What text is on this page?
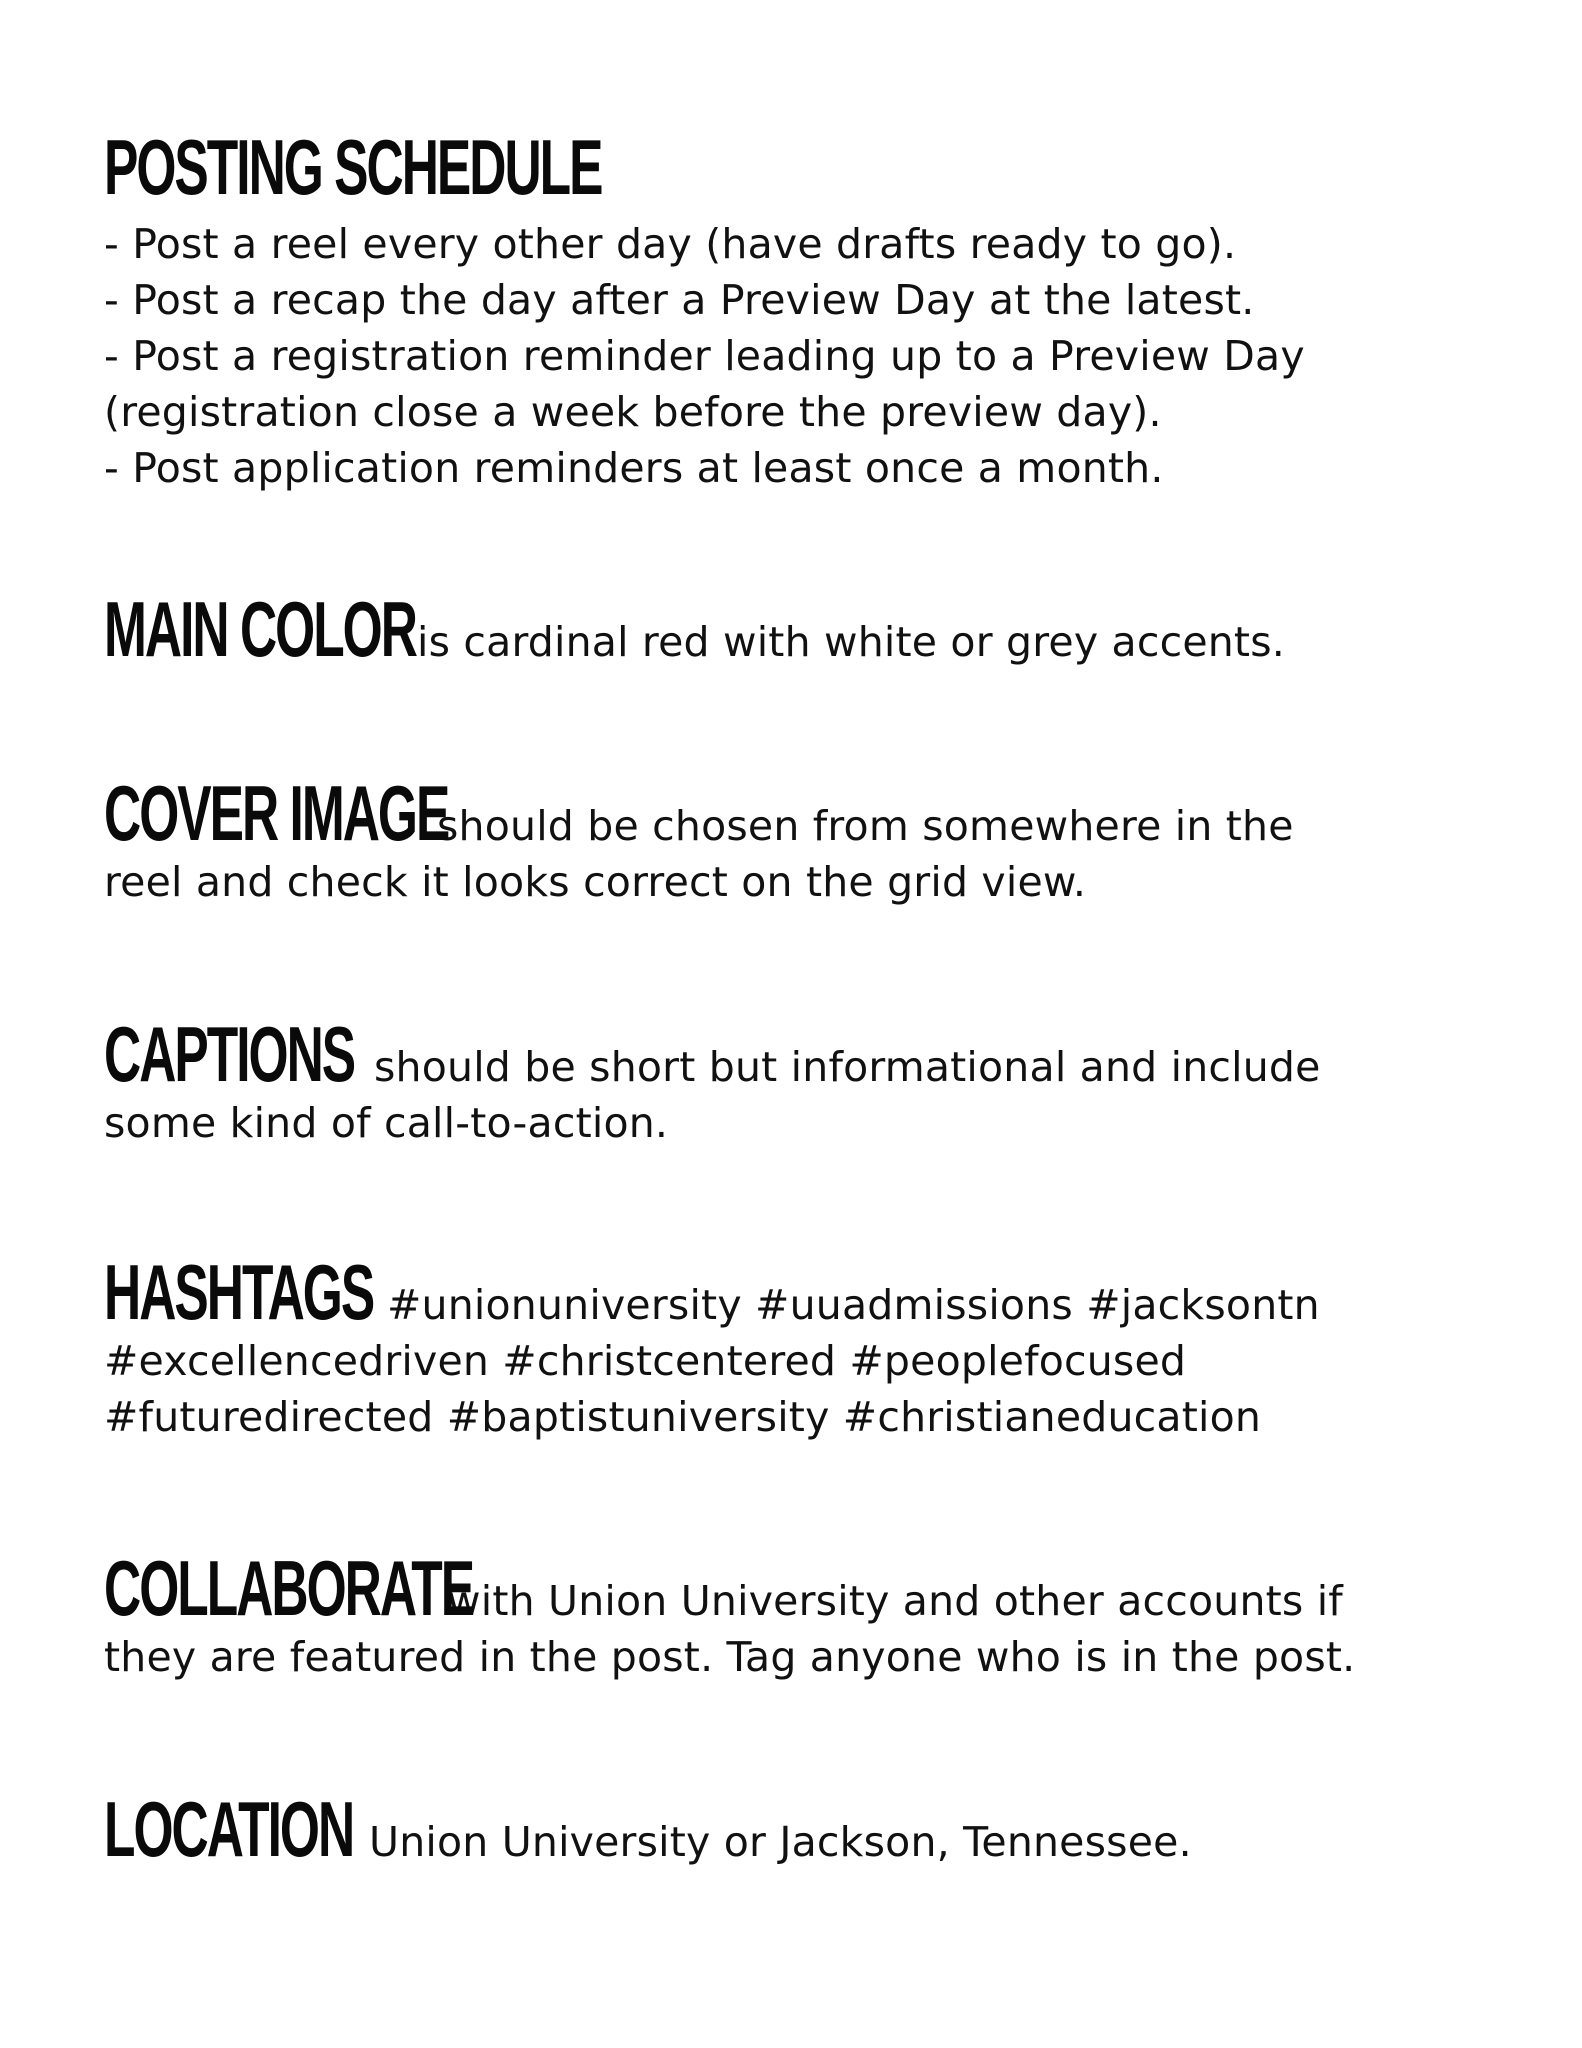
POSTING SCHEDULE
- Post a reel every other day (have drafts ready to go).
- Post a recap the day after a Preview Day at the latest.
- Post a registration reminder leading up to a Preview Day
(registration close a week before the preview day).
- Post application reminders at least once a month.
MAIN COLOR is cardinal red with white or grey accents.
COVER IMAGE
should be chosen from somewhere in the
reel and check it looks correct on the grid view.
CAPTIONS should be short but informational and include
some kind of call-to-action.
HASHTAGS #unionuniversity #uuadmissions #jacksontn
#excellencedriven #christcentered #peoplefocused
#futuredirected #baptistuniversity #christianeducation
COLLABORATE
with Union University and other accounts if
they are featured in the post. Tag anyone who is in the post.
LOCATION Union University or Jackson, Tennessee.
